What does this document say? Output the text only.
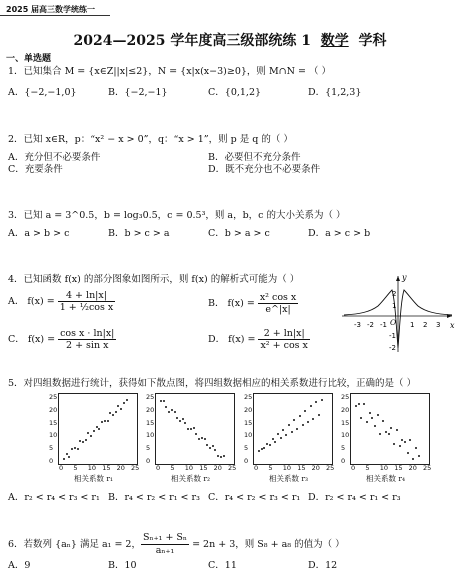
2025 届高三数学统练一
2024—2025 学年度高三级部统练 1  数学  学科
一、单选题
1．已知集合 M = {x∈Z||x|≤2}，N = {x|x(x−3)≥0}，则 M∩N = （ ）
A．{−2,−1,0}	B．{−2,−1}	C．{0,1,2}	D．{1,2,3}
2．已知 x∈R，p：“x² − x > 0”，q：“x > 1”，则 p 是 q 的（ ）
A．充分但不必要条件	B．必要但不充分条件
C．充要条件	D．既不充分也不必要条件
3．已知 a = 3^0.5，b = log₃0.5，c = 0.5³，则 a，b，c 的大小关系为（ ）
A．a > b > c	B．b > c > a	C．b > a > c	D．a > c > b
4．已知函数 f(x) 的部分图象如图所示，则 f(x) 的解析式可能为（ ）
A． $f(x) = \frac{4 + \ln|x|}{\text{1 + ½cos x}}$	B． $f(x) = \frac{\text{x² cos x}}{e\^{}|x|}$
C． $f(x) = \frac{\text{cos x · ln|x|}}{\text{2 + sin x}}$	D． $f(x) = \frac{2 + \ln|x|}{\text{x² + cos x}}$
y
x
O
-3 -2 -1	1 2 3
2
1
-1
-2
5．对四组数据进行统计，获得如下散点图，将四组数据相应的相关系数进行比较，正确的是（ ）
0 5 10 15 20 25
0
5
10
15
20
25
相关系数 r₁
0 5 10 15 20 25
0
5
10
15
20
25
相关系数 r₂
0 5 10 15 20 25
0
5
10
15
20
25
相关系数 r₃
0 5 10 15 20 25
0
5
10
15
20
25
相关系数 r₄
A．r₂ < r₄ < r₃ < r₁ B．r₄ < r₂ < r₁ < r₃ C．r₄ < r₂ < r₃ < r₁ D．r₂ < r₄ < r₁ < r₃
6．若数列 {aₙ} 满足 a₁ = 2， $\frac{\text{Sₙ₊₁ + Sₙ}}{\text{aₙ₊₁}} = 2n + 3$，则 S₈ + a₈ 的值为（ ）
A．9	B．10	C．11	D．12
